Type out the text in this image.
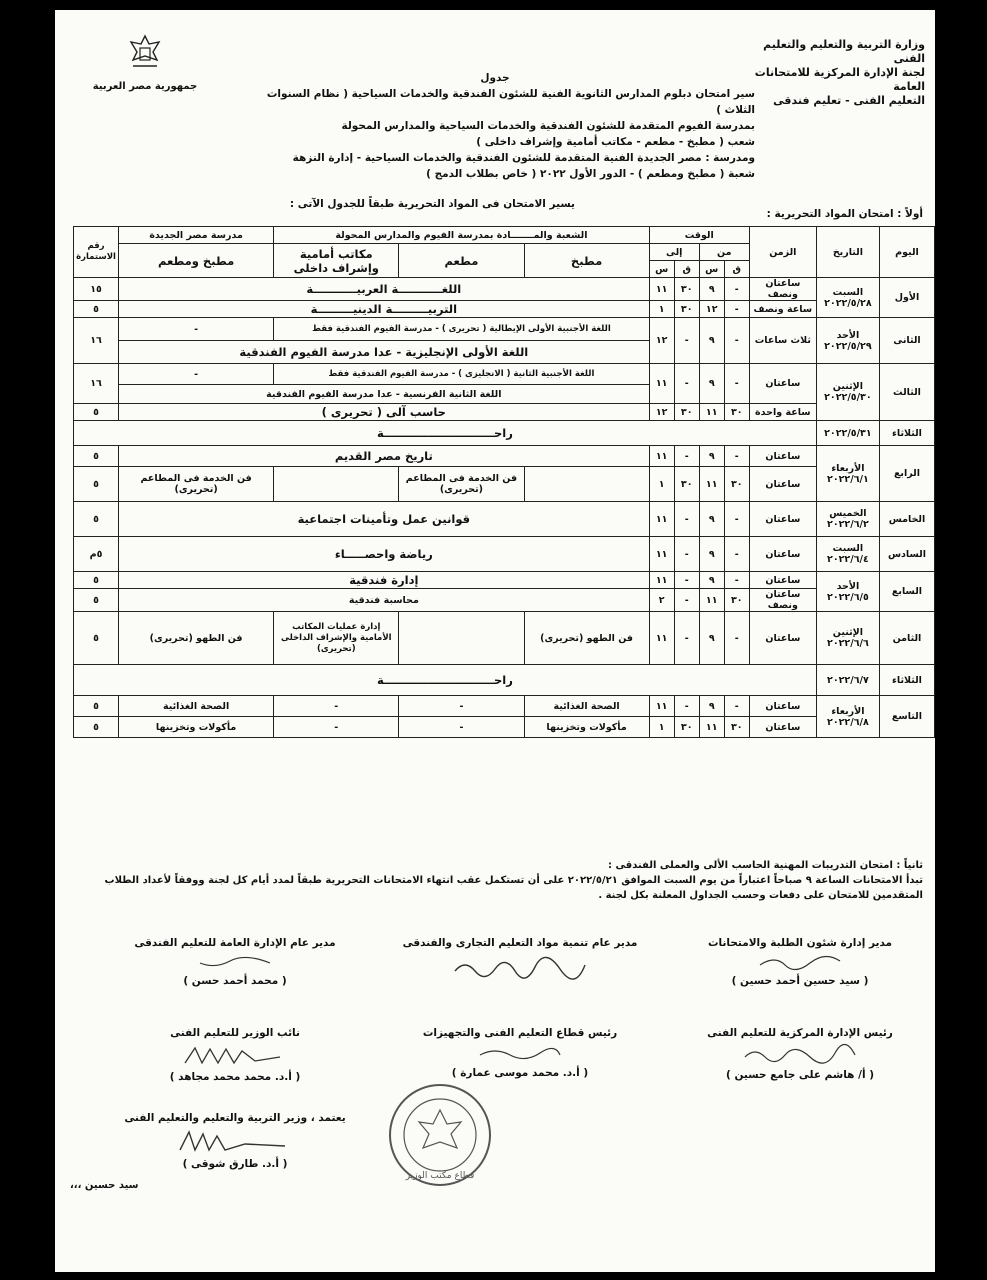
وزارة التربية والتعليم والتعليم الفنى
لجنة الإدارة المركزية للامتحانات العامة
التعليم الفنى - تعليم فندقى
جمهورية مصر العربية
جدول
سير امتحان دبلوم المدارس الثانوية الفنية للشئون الفندقية والخدمات السياحية ( نظام السنوات الثلاث )
بمدرسة الفيوم المتقدمة للشئون الفندقية والخدمات السياحية والمدارس المحولة
شعب ( مطبخ - مطعم - مكاتب أمامية وإشراف داخلى )
ومدرسة : مصر الجديدة الفنية المتقدمة للشئون الفندقية والخدمات السياحية - إدارة النزهة
شعبة ( مطبخ ومطعم ) - الدور الأول ٢٠٢٢ ( خاص بطلاب الدمج )
يسير الامتحان فى المواد التحريرية طبقاً للجدول الآتى :
أولاً : امتحان المواد التحريرية :
اليوم	التاريخ	الزمن	الوقت				الشعبة والمـــــــادة بمدرسة الفيوم والمدارس المحولة			مدرسة مصر الجديدة	رقم الاستمارة
			من		إلى		مطبخ	مطعم	مكاتب أمامية وإشراف داخلى	مطبخ ومطعم	
			ق	س	ق	س					
الأول	السبت ٢٠٢٢/٥/٢٨	ساعتان ونصف	-	٩	٣٠	١١	اللغـــــــــــة العربيـــــــــــة				١٥
		ساعة ونصف	-	١٢	٣٠	١	التربيـــــــــة الدينيـــــــــة				٥
الثانى	الأحد ٢٠٢٢/٥/٢٩	ثلاث ساعات	-	٩	-	١٢	اللغة الأجنبية الأولى الإيطالية ( تحريرى ) - مدرسة الفيوم الفندقية فقط			-	١٦
							اللغة الأولى الإنجليزية - عدا مدرسة الفيوم الفندقية				
الثالث	الإثنين ٢٠٢٢/٥/٣٠	ساعتان	-	٩	-	١١	اللغة الأجنبية الثانية ( الانجليزى ) - مدرسة الفيوم الفندقية فقط			-	١٦
							اللغة الثانية الفرنسية - عدا مدرسة الفيوم الفندقية				
		ساعة واحدة	٣٠	١١	٣٠	١٢	حاسب آلى ( تحريرى )				٥
الثلاثاء	٢٠٢٢/٥/٣١	راحــــــــــــــــــــــــــــة									
الرابع	الأربعاء ٢٠٢٢/٦/١	ساعتان	-	٩	-	١١	تاريخ مصر القديم				٥
		ساعتان	٣٠	١١	٣٠	١		فن الخدمة فى المطاعم (تحريرى)		فن الخدمة فى المطاعم (تحريرى)	٥
الخامس	الخميس ٢٠٢٢/٦/٢	ساعتان	-	٩	-	١١	قوانين عمل وتأمينات اجتماعية				٥
السادس	السبت ٢٠٢٢/٦/٤	ساعتان	-	٩	-	١١	رياضة واحصـــــاء				٥م
السابع	الأحد ٢٠٢٢/٦/٥	ساعتان	-	٩	-	١١	إدارة فندقية				٥
		ساعتان ونصف	٣٠	١١	-	٢	محاسبة فندقية				٥
الثامن	الإثنين ٢٠٢٢/٦/٦	ساعتان	-	٩	-	١١	فن الطهو (تحريرى)		إدارة عمليات المكاتب الأمامية والإشراف الداخلى (تحريرى)	فن الطهو (تحريرى)	٥
الثلاثاء	٢٠٢٢/٦/٧	راحــــــــــــــــــــــــــــة									
التاسع	الأربعاء ٢٠٢٢/٦/٨	ساعتان	-	٩	-	١١	الصحة الغذائية	-	-	الصحة الغذائية	٥
		ساعتان	٣٠	١١	٣٠	١	مأكولات وتخزينها	-	-	مأكولات وتخزينها	٥
ثانياً : امتحان التدريبات المهنية الحاسب الألى والعملى الفندقى :
تبدأ الامتحانات الساعة ٩ صباحاً اعتباراً من يوم السبت الموافق ٢٠٢٢/٥/٢١ على أن تستكمل عقب انتهاء الامتحانات التحريرية طبقاً لمدد أيام كل لجنة ووفقاً لأعداد الطلاب المتقدمين للامتحان على دفعات وحسب الجداول المعلنة بكل لجنة .
مدير إدارة شئون الطلبة والامتحانات
( سيد حسين أحمد حسين )
مدير عام تنمية مواد التعليم التجارى والفندقى
مدير عام الإدارة العامة للتعليم الفندقى
( محمد أحمد حسن )
رئيس الإدارة المركزية للتعليم الفنى
( أ/ هاشم على جامع حسين )
رئيس قطاع التعليم الفنى والتجهيزات
( أ.د. محمد موسى عمارة )
نائب الوزير للتعليم الفنى
( أ.د. محمد محمد مجاهد )
يعتمد ، وزير التربية والتعليم والتعليم الفنى
( أ.د. طارق شوقى )
قطاع مكتب الوزير
سيد حسين ،،،
